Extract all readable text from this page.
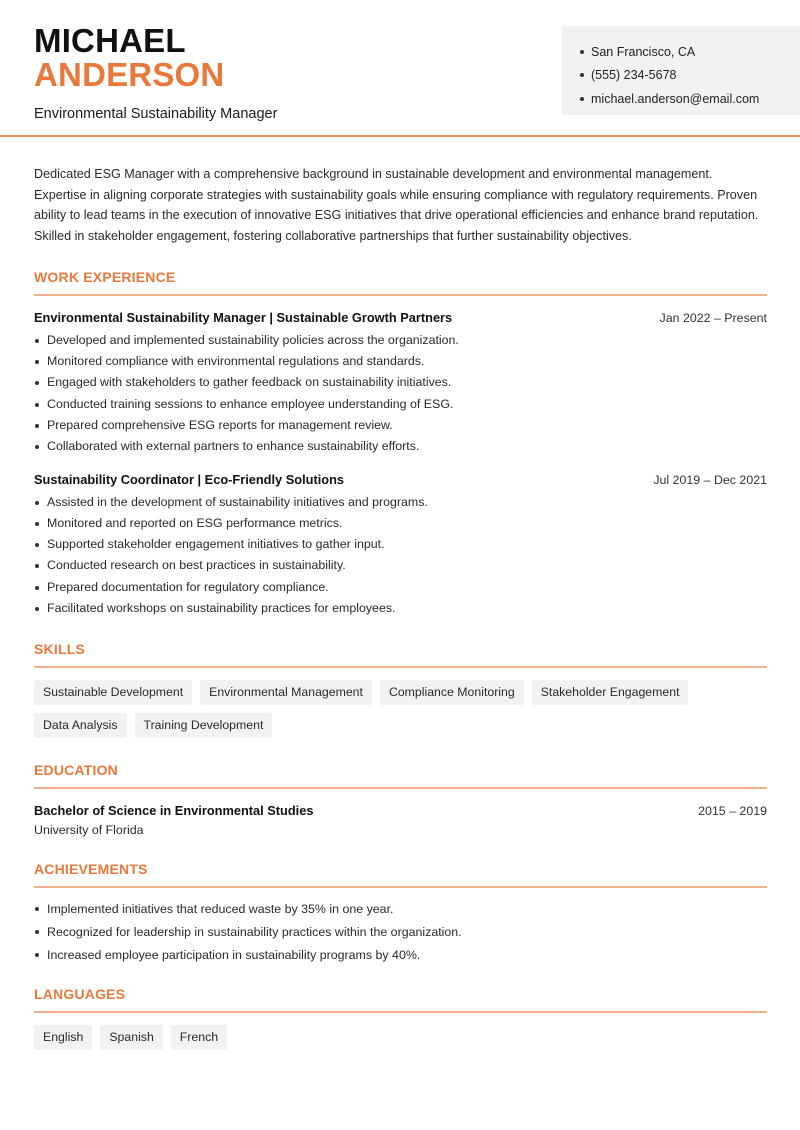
MICHAEL
ANDERSON
Environmental Sustainability Manager
San Francisco, CA
(555) 234-5678
michael.anderson@email.com

Dedicated ESG Manager with a comprehensive background in sustainable development and environmental management. Expertise in aligning corporate strategies with sustainability goals while ensuring compliance with regulatory requirements. Proven ability to lead teams in the execution of innovative ESG initiatives that drive operational efficiencies and enhance brand reputation. Skilled in stakeholder engagement, fostering collaborative partnerships that further sustainability objectives.

WORK EXPERIENCE
Environmental Sustainability Manager | Sustainable Growth Partners	Jan 2022 – Present
Developed and implemented sustainability policies across the organization.
Monitored compliance with environmental regulations and standards.
Engaged with stakeholders to gather feedback on sustainability initiatives.
Conducted training sessions to enhance employee understanding of ESG.
Prepared comprehensive ESG reports for management review.
Collaborated with external partners to enhance sustainability efforts.
Sustainability Coordinator | Eco-Friendly Solutions	Jul 2019 – Dec 2021
Assisted in the development of sustainability initiatives and programs.
Monitored and reported on ESG performance metrics.
Supported stakeholder engagement initiatives to gather input.
Conducted research on best practices in sustainability.
Prepared documentation for regulatory compliance.
Facilitated workshops on sustainability practices for employees.
SKILLS
Sustainable Development	Environmental Management	Compliance Monitoring	Stakeholder Engagement
Data Analysis	Training Development
EDUCATION
Bachelor of Science in Environmental Studies	2015 – 2019
University of Florida
ACHIEVEMENTS
Implemented initiatives that reduced waste by 35% in one year.
Recognized for leadership in sustainability practices within the organization.
Increased employee participation in sustainability programs by 40%.
LANGUAGES
English	Spanish	French
